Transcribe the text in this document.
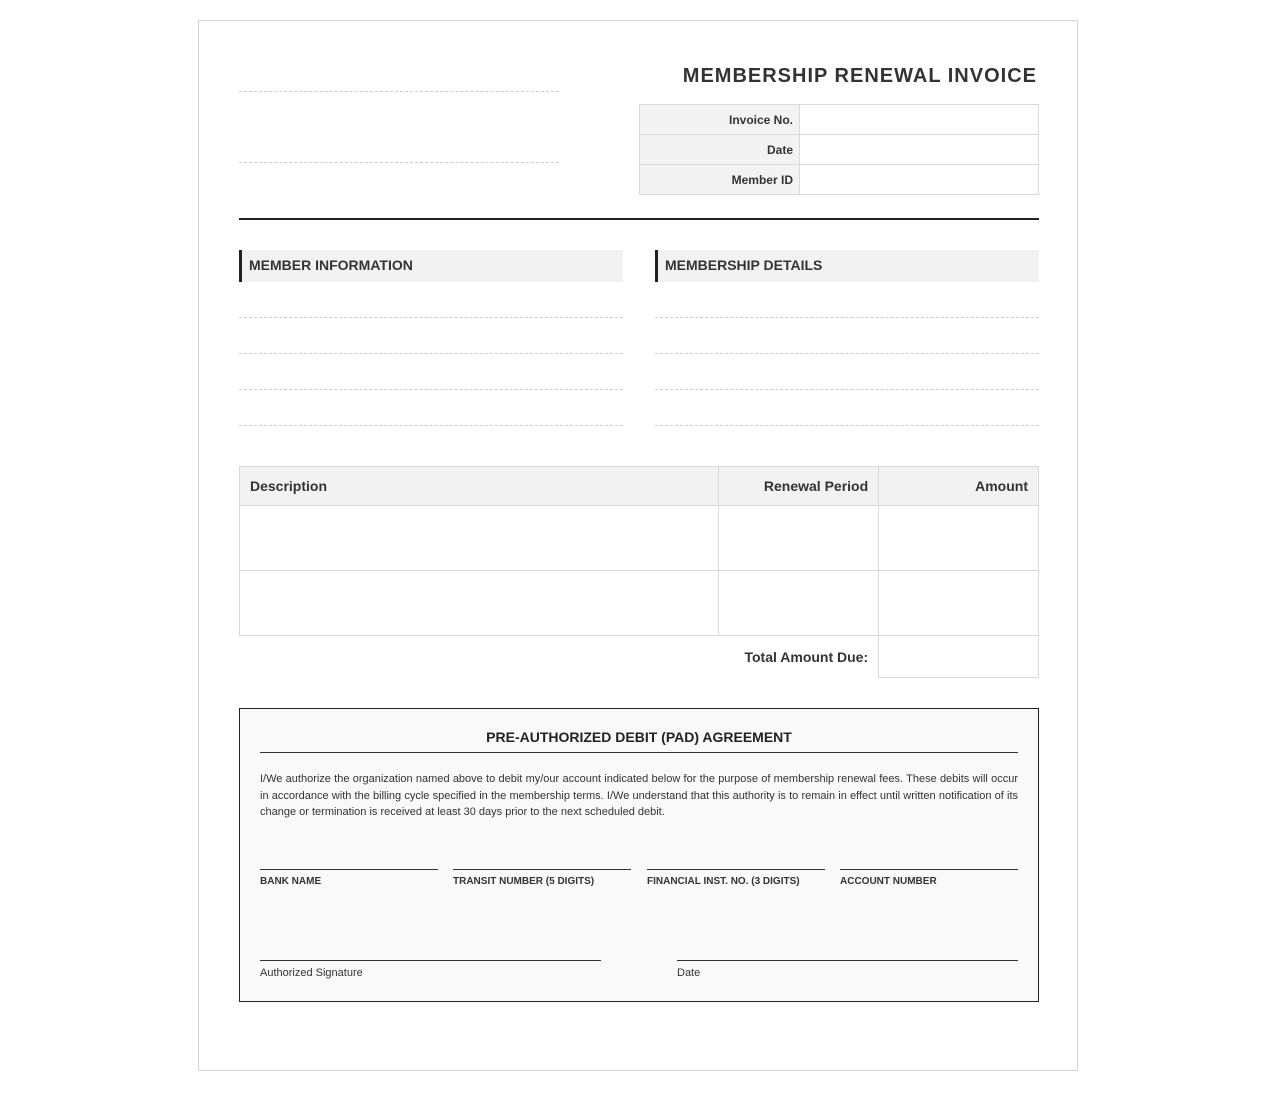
MEMBERSHIP RENEWAL INVOICE
Invoice No.	
Date	
Member ID	
MEMBER INFORMATION	MEMBERSHIP DETAILS
Description	Renewal Period	Amount

Total Amount Due:		
PRE-AUTHORIZED DEBIT (PAD) AGREEMENT
I/We authorize the organization named above to debit my/our account indicated below for the purpose of membership renewal fees. These debits will occur in accordance with the billing cycle specified in the membership terms. I/We understand that this authority is to remain in effect until written notification of its change or termination is received at least 30 days prior to the next scheduled debit.
BANK NAME	TRANSIT NUMBER (5 DIGITS)	FINANCIAL INST. NO. (3 DIGITS)	ACCOUNT NUMBER
Authorized Signature	Date
